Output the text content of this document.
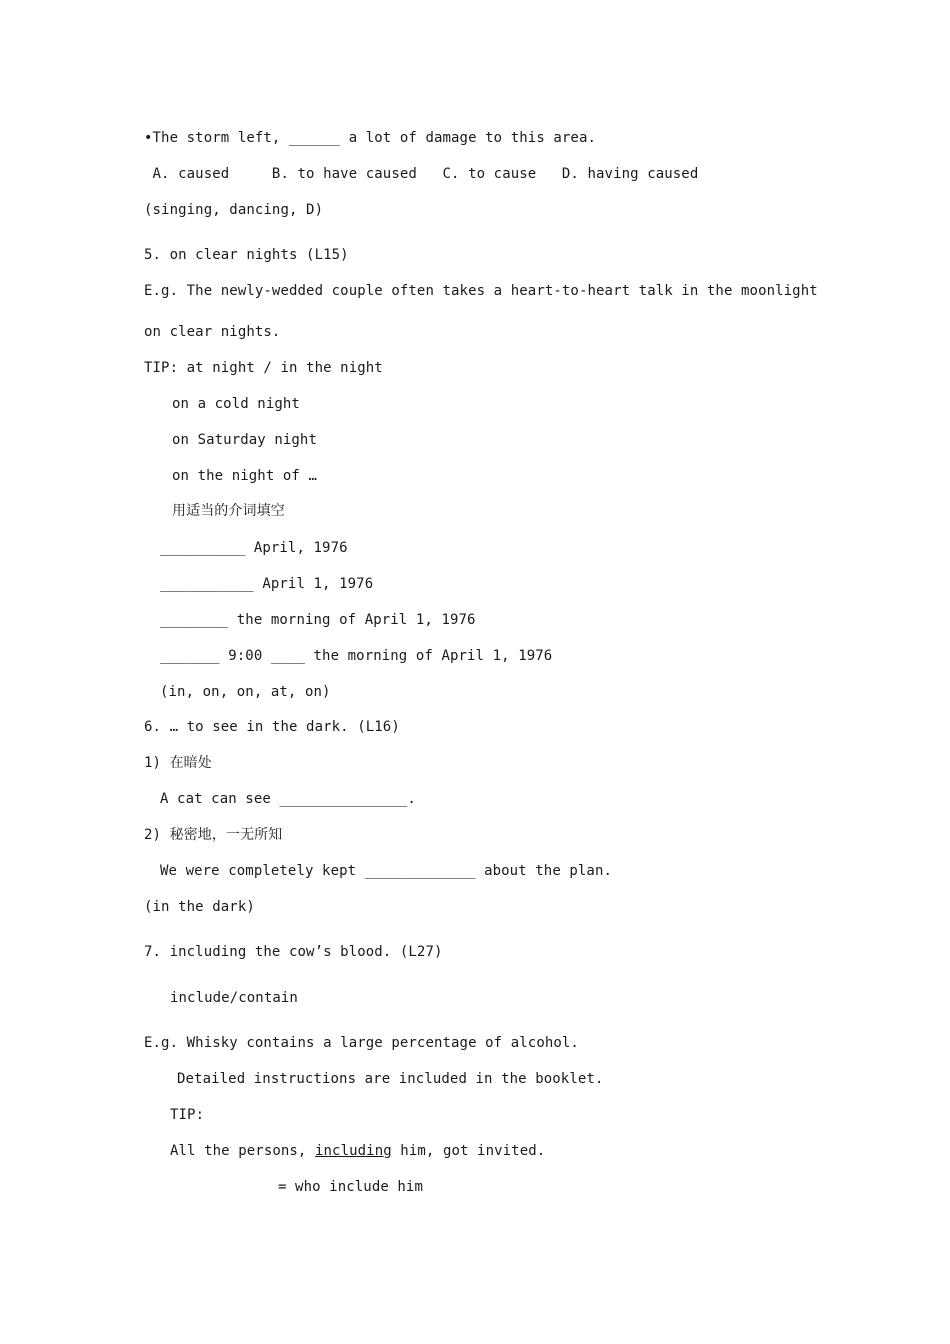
•The storm left, ______ a lot of damage to this area.
A. caused     B. to have caused   C. to cause   D. having caused
(singing, dancing, D)
5. on clear nights (L15)
E.g. The newly-wedded couple often takes a heart-to-heart talk in the moonlight
on clear nights.
TIP: at night / in the night
on a cold night
on Saturday night
on the night of …
用适当的介词填空
__________ April, 1976
___________ April 1, 1976
________ the morning of April 1, 1976
_______ 9:00 ____ the morning of April 1, 1976
(in, on, on, at, on)
6. … to see in the dark. (L16)
1) 在暗处
A cat can see _______________.
2) 秘密地，一无所知
We were completely kept _____________ about the plan.
(in the dark)
7. including the cow’s blood. (L27)
include/contain
E.g. Whisky contains a large percentage of alcohol.
Detailed instructions are included in the booklet.
TIP:
All the persons, including him, got invited.
= who include him
